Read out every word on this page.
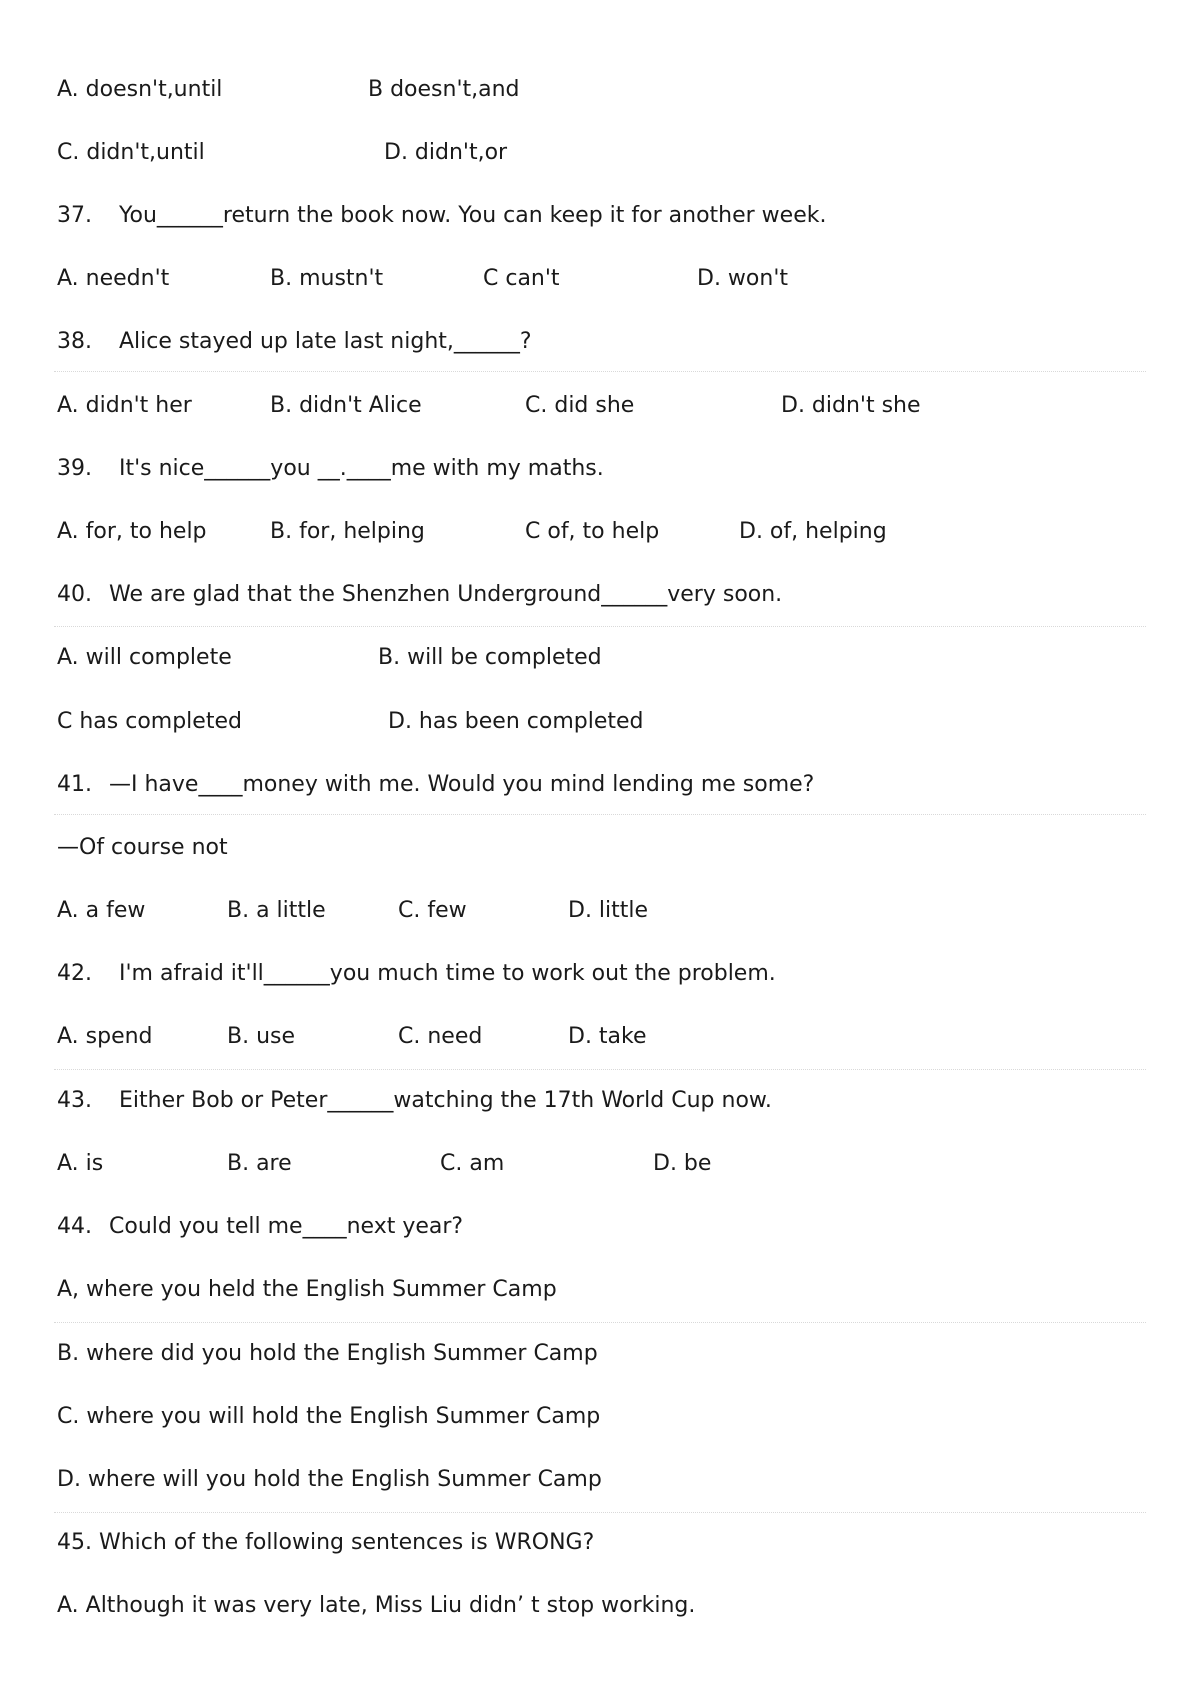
A. doesn't,until	B doesn't,and
C. didn't,until	D. didn't,or
37. You______return the book now. You can keep it for another week.
A. needn't	B. mustn't	C can't	D. won't
38. Alice stayed up late last night,______?
A. didn't her	B. didn't Alice	C. did she	D. didn't she
39. It's nice______you __.____me with my maths.
A. for, to help	B. for, helping	C of, to help	D. of, helping
40. We are glad that the Shenzhen Underground______very soon.
A. will complete	B. will be completed
C has completed	D. has been completed
41. —I have____money with me. Would you mind lending me some?
—Of course not
A. a few	B. a little	C. few	D. little
42. I'm afraid it'll______you much time to work out the problem.
A. spend	B. use	C. need	D. take
43. Either Bob or Peter______watching the 17th World Cup now.
A. is	B. are	C. am	D. be
44. Could you tell me____next year?
A, where you held the English Summer Camp
B. where did you hold the English Summer Camp
C. where you will hold the English Summer Camp
D. where will you hold the English Summer Camp
45. Which of the following sentences is WRONG?
A. Although it was very late, Miss Liu didn’ t stop working.
